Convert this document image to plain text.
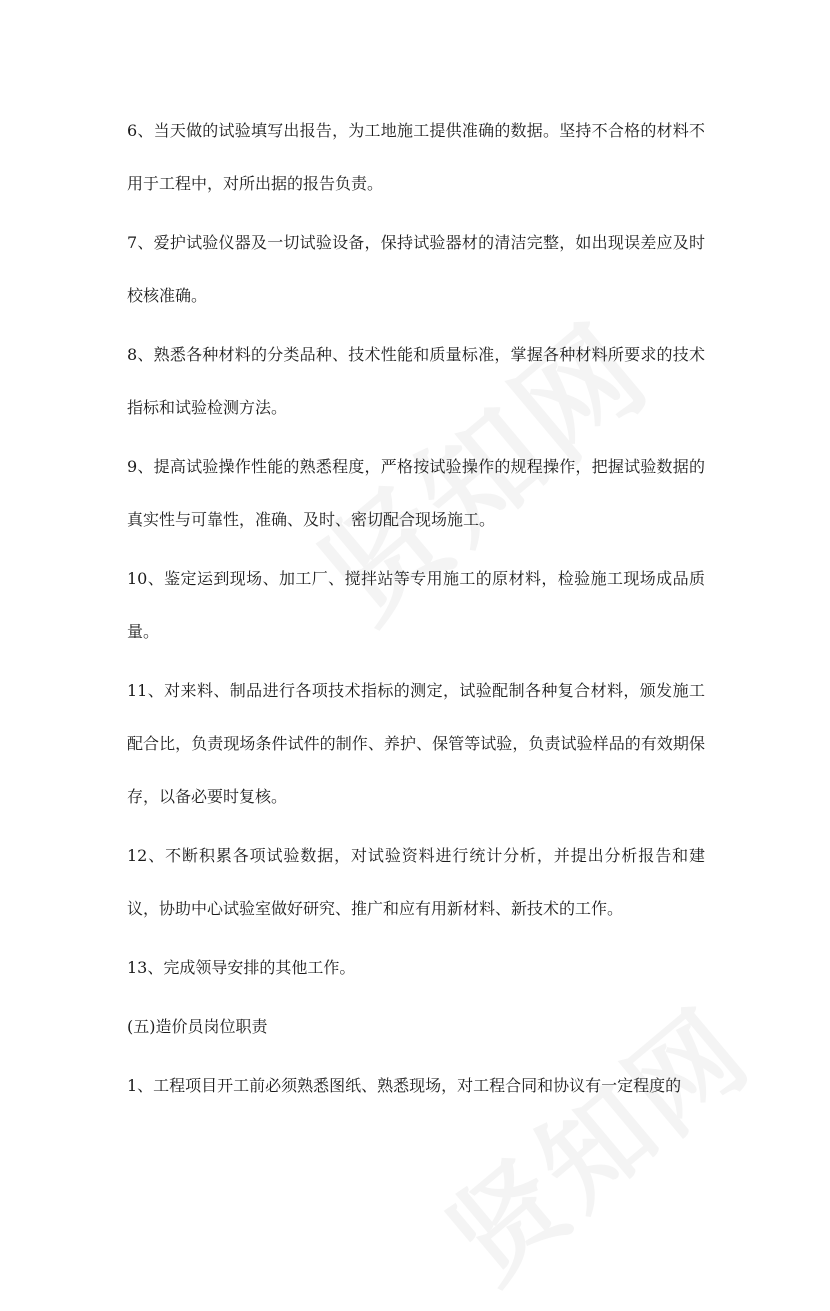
6、当天做的试验填写出报告，为工地施工提供准确的数据。坚持不合格的材料不用于工程中，对所出据的报告负责。

7、爱护试验仪器及一切试验设备，保持试验器材的清洁完整，如出现误差应及时校核准确。

8、熟悉各种材料的分类品种、技术性能和质量标准，掌握各种材料所要求的技术指标和试验检测方法。

9、提高试验操作性能的熟悉程度，严格按试验操作的规程操作，把握试验数据的真实性与可靠性，准确、及时、密切配合现场施工。

10、鉴定运到现场、加工厂、搅拌站等专用施工的原材料，检验施工现场成品质量。

11、对来料、制品进行各项技术指标的测定，试验配制各种复合材料，颁发施工配合比，负责现场条件试件的制作、养护、保管等试验，负责试验样品的有效期保存，以备必要时复核。

12、不断积累各项试验数据，对试验资料进行统计分析，并提出分析报告和建议，协助中心试验室做好研究、推广和应有用新材料、新技术的工作。

13、完成领导安排的其他工作。

(五)造价员岗位职责

1、工程项目开工前必须熟悉图纸、熟悉现场，对工程合同和协议有一定程度的
